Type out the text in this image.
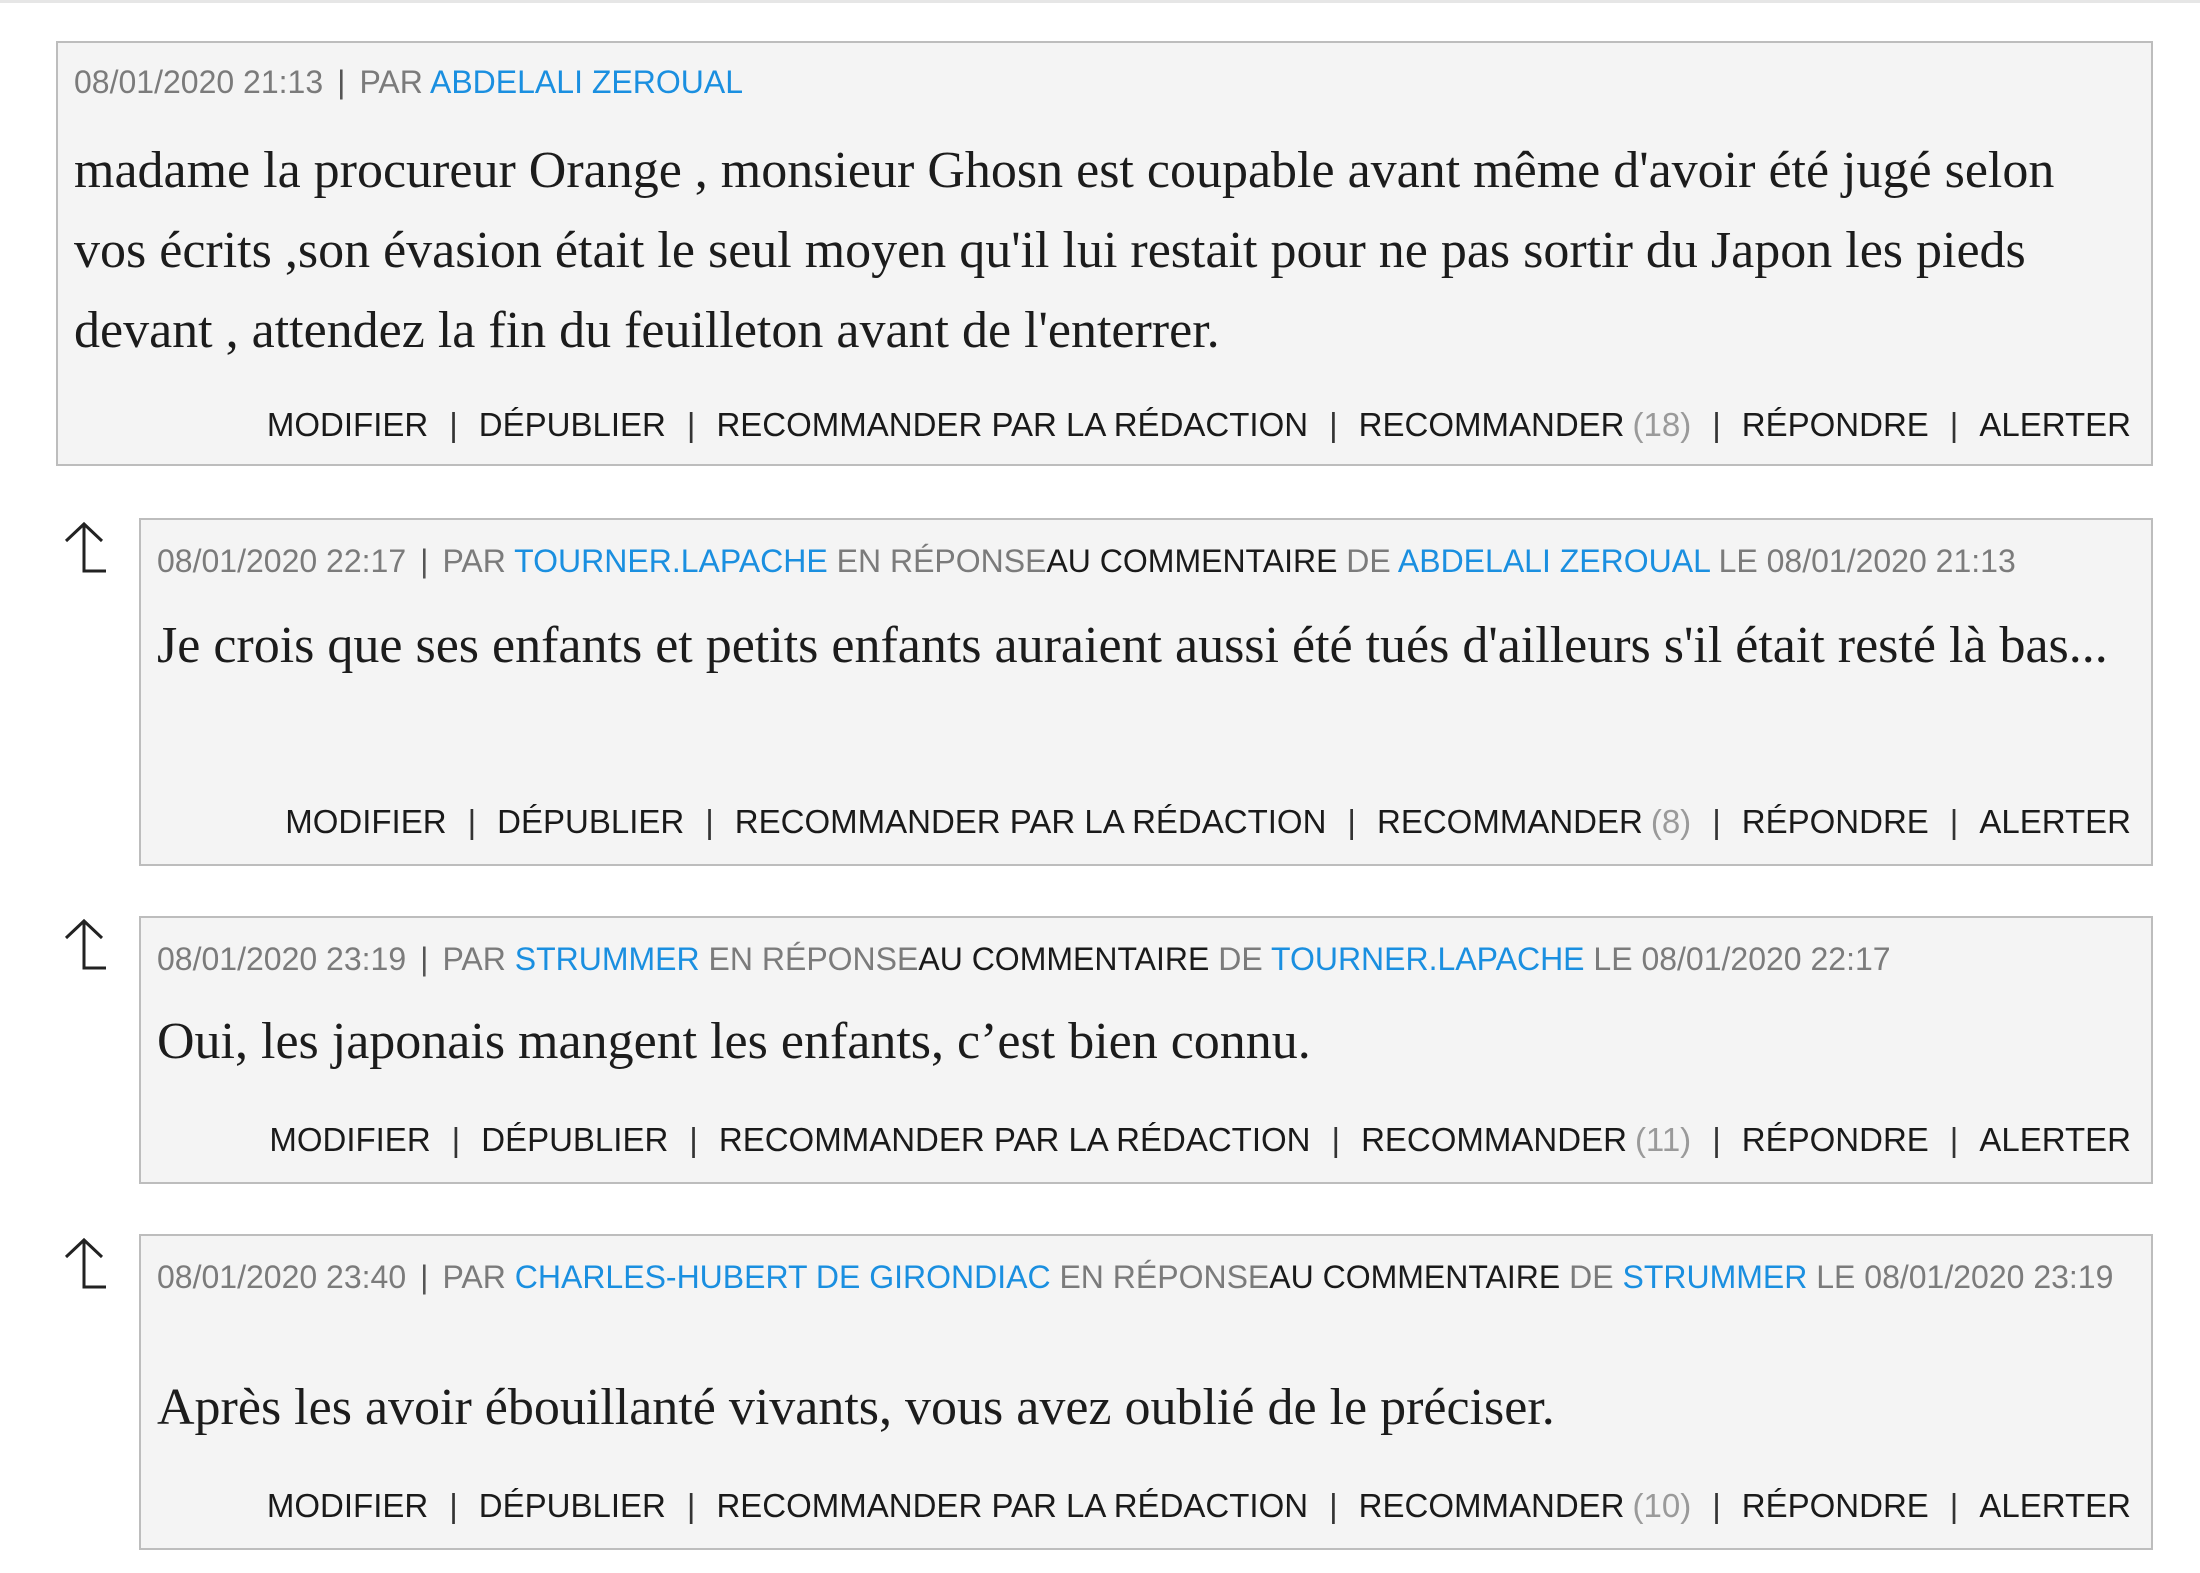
08/01/2020 21:13 | PAR ABDELALI ZEROUAL
madame la procureur Orange , monsieur Ghosn est coupable avant même d'avoir été jugé selon vos écrits ,son évasion était le seul moyen qu'il lui restait pour ne pas sortir du Japon les pieds devant , attendez la fin du feuilleton avant de l'enterrer.
MODIFIER | DÉPUBLIER | RECOMMANDER PAR LA RÉDACTION | RECOMMANDER (18) | RÉPONDRE | ALERTER
08/01/2020 22:17 | PAR TOURNER.LAPACHE EN RÉPONSEAU COMMENTAIRE DE ABDELALI ZEROUAL LE 08/01/2020 21:13
Je crois que ses enfants et petits enfants auraient aussi été tués d'ailleurs s'il était resté là bas...
MODIFIER | DÉPUBLIER | RECOMMANDER PAR LA RÉDACTION | RECOMMANDER (8) | RÉPONDRE | ALERTER
08/01/2020 23:19 | PAR STRUMMER EN RÉPONSEAU COMMENTAIRE DE TOURNER.LAPACHE LE 08/01/2020 22:17
Oui, les japonais mangent les enfants, c’est bien connu.
MODIFIER | DÉPUBLIER | RECOMMANDER PAR LA RÉDACTION | RECOMMANDER (11) | RÉPONDRE | ALERTER
08/01/2020 23:40 | PAR CHARLES-HUBERT DE GIRONDIAC EN RÉPONSEAU COMMENTAIRE DE STRUMMER LE 08/01/2020 23:19
Après les avoir ébouillanté vivants, vous avez oublié de le préciser.
MODIFIER | DÉPUBLIER | RECOMMANDER PAR LA RÉDACTION | RECOMMANDER (10) | RÉPONDRE | ALERTER
